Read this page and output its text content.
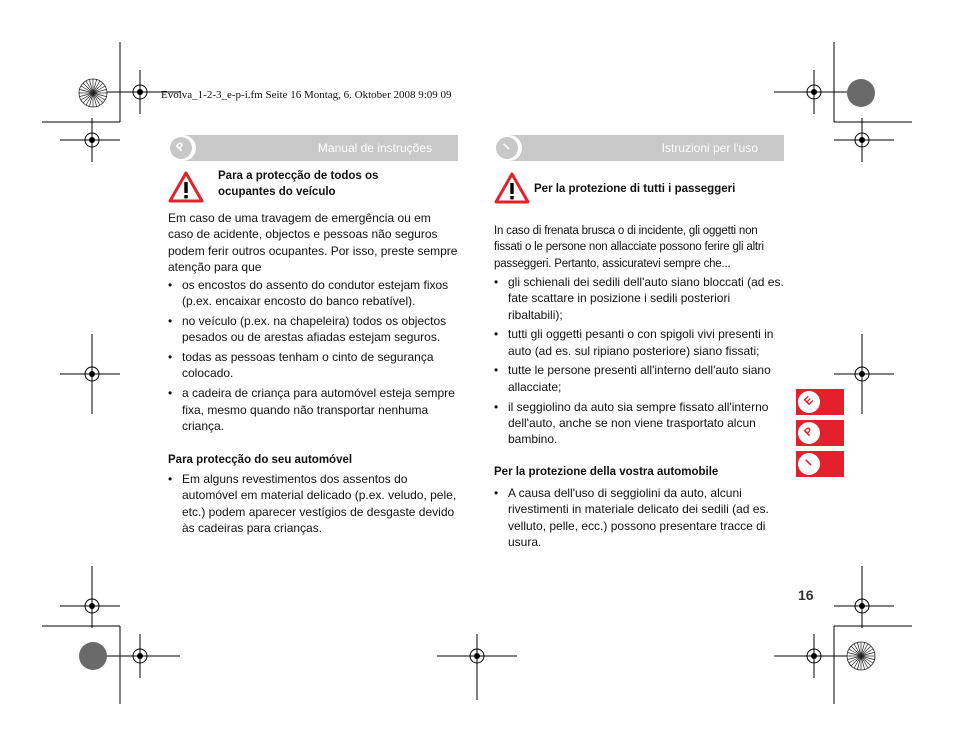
Evolva_1-2-3_e-p-i.fm Seite 16 Montag, 6. Oktober 2008 9:09 09
P	Manual de instruções
Para a protecção de todos os ocupantes do veículo
Em caso de uma travagem de emergência ou em caso de acidente, objectos e pessoas não seguros podem ferir outros ocupantes. Por isso, preste sempre atenção para que
• os encostos do assento do condutor estejam fixos (p.ex. encaixar encosto do banco rebatível).
• no veículo (p.ex. na chapeleira) todos os objectos pesados ou de arestas afiadas estejam seguros.
• todas as pessoas tenham o cinto de segurança colocado.
• a cadeira de criança para automóvel esteja sempre fixa, mesmo quando não transportar nenhuma criança.
Para protecção do seu automóvel
• Em alguns revestimentos dos assentos do automóvel em material delicado (p.ex. veludo, pele, etc.) podem aparecer vestígios de desgaste devido às cadeiras para crianças.
I	Istruzioni per l'uso
Per la protezione di tutti i passeggeri
In caso di frenata brusca o di incidente, gli oggetti non fissati o le persone non allacciate possono ferire gli altri passeggeri. Pertanto, assicuratevi sempre che...
• gli schienali dei sedili dell'auto siano bloccati (ad es. fate scattare in posizione i sedili posteriori ribaltabili);
• tutti gli oggetti pesanti o con spigoli vivi presenti in auto (ad es. sul ripiano posteriore) siano fissati;
• tutte le persone presenti all'interno dell'auto siano allacciate;
• il seggiolino da auto sia sempre fissato all'interno dell'auto, anche se non viene trasportato alcun bambino.
Per la protezione della vostra automobile
• A causa dell'uso di seggiolini da auto, alcuni rivestimenti in materiale delicato dei sedili (ad es. velluto, pelle, ecc.) possono presentare tracce di usura.
E
P
I
16
